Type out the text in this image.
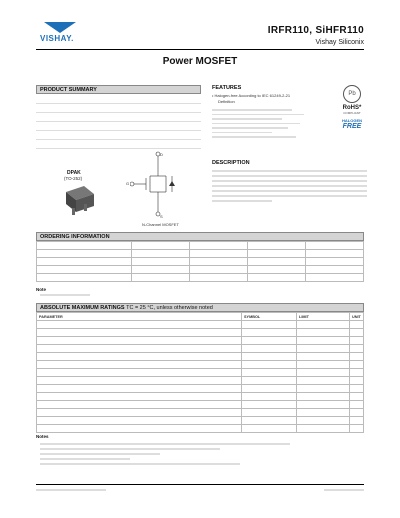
VISHAY.
IRFR110, SiHFR110
Vishay Siliconix
Power MOSFET
PRODUCT SUMMARY
DPAK
(TO-252)
D
G
S
N-Channel MOSFET
FEATURES
• Halogen-free According to IEC 61249-2-21
Definition
Pb
RoHS*
COMPLIANT
HALOGEN
FREE
DESCRIPTION
ORDERING INFORMATION

Note
ABSOLUTE MAXIMUM RATINGS TC = 25 °C, unless otherwise noted
PARAMETER	SYMBOL	LIMIT	UNIT

Notes
